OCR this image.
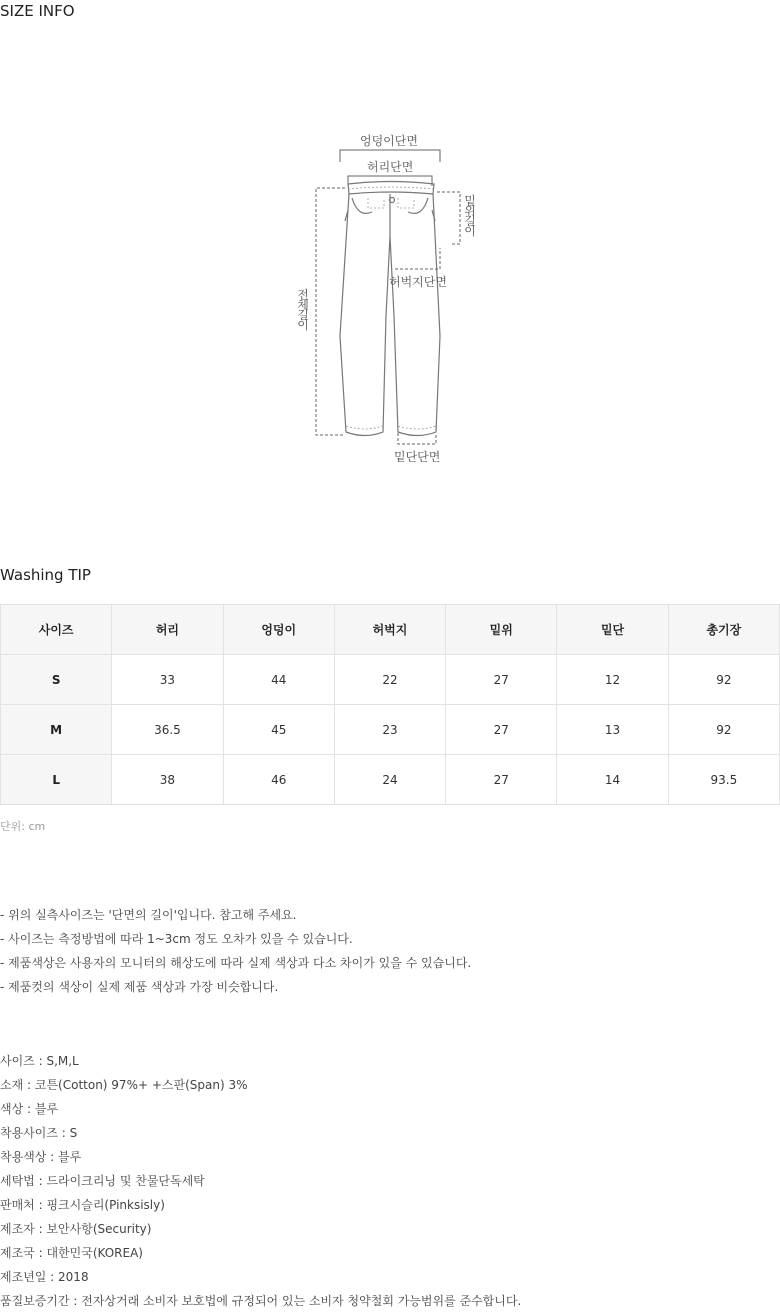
SIZE INFO
엉덩이단면
허리단면
밑위길이
허벅지단면
전체길이
밑단단면
Washing TIP
사이즈	허리	엉덩이	허벅지	밑위	밑단	총기장
S	33	44	22	27	12	92
M	36.5	45	23	27	13	92
L	38	46	24	27	14	93.5
단위: cm
- 위의 실측사이즈는 '단면의 길이'입니다. 참고해 주세요.
- 사이즈는 측정방법에 따라 1~3cm 정도 오차가 있을 수 있습니다.
- 제품색상은 사용자의 모니터의 해상도에 따라 실제 색상과 다소 차이가 있을 수 있습니다.
- 제품컷의 색상이 실제 제품 색상과 가장 비슷합니다.
사이즈 : S,M,L
소재 : 코튼(Cotton) 97%+ +스판(Span) 3%
색상 : 블루
착용사이즈 : S
착용색상 : 블루
세탁법 : 드라이크리닝 및 찬물단독세탁
판매처 : 핑크시슬리(Pinksisly)
제조자 : 보안사항(Security)
제조국 : 대한민국(KOREA)
제조년일 : 2018
품질보증기간 : 전자상거래 소비자 보호법에 규정되어 있는 소비자 청약철회 가능범위를 준수합니다.
